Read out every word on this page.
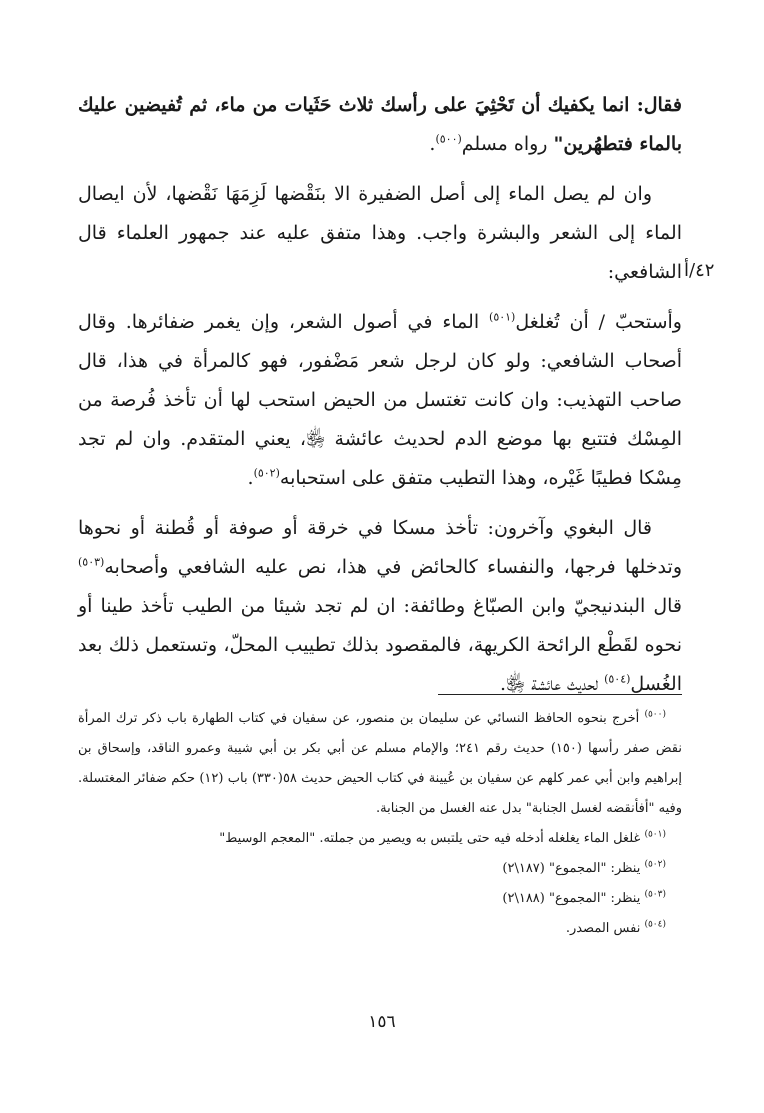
فقال: انما يكفيك أن تَحْثِيَ على رأسك ثلاث حَثَيات من ماء، ثم تُفيضين عليك بالماء فتطهُرين" رواه مسلم$^{(٥٠٠)}$.

وان لم يصل الماء إلى أصل الضفيرة الا بنَقْضها لَزِمَهَا نَقْضها، لأن ايصال الماء إلى الشعر والبشرة واجب. وهذا متفق عليه عند جمهور العلماء قال الشافعي:

وأستحبّ / أن تُغلغل$^{(٥٠١)}$ الماء في أصول الشعر، وإن يغمر ضفائرها. وقال أصحاب الشافعي: ولو كان لرجل شعر مَضْفور، فهو كالمرأة في هذا، قال صاحب التهذيب: وان كانت تغتسل من الحيض استحب لها أن تأخذ فُرصة من المِسْك فتتبع بها موضع الدم لحديث عائشة ﵂، يعني المتقدم. وان لم تجد مِسْكا فطيبًا غَيْره، وهذا التطيب متفق على استحبابه$^{(٥٠٢)}$.

قال البغوي وآخرون: تأخذ مسكا في خرقة أو صوفة أو قُطنة أو نحوها وتدخلها فرجها، والنفساء كالحائض في هذا، نص عليه الشافعي وأصحابه$^{(٥٠٣)}$ قال البندنيجيّ وابن الصبّاغ وطائفة: ان لم تجد شيئا من الطيب تأخذ طينا أو نحوه لقَطْع الرائحة الكريهة، فالمقصود بذلك تطييب المحلّ، وتستعمل ذلك بعد الغُسل$^{(٥٠٤)}$ لحديث عائشة ﵂.

٤٢/أ

$^{(٥٠٠)}$ أخرج بنحوه الحافظ النسائي عن سليمان بن منصور، عن سفيان في كتاب الطهارة باب ذكر ترك المرأة نقض صفر رأسها (١٥٠) حديث رقم ٢٤١؛ والإمام مسلم عن أبي بكر بن أبي شيبة وعمرو الناقد، وإسحاق بن إبراهيم وابن أبي عمر كلهم عن سفيان بن عُيينة في كتاب الحيض حديث ٥٨(٣٣٠) باب (١٢) حكم ضفائر المغتسلة. وفيه "أفأنقضه لغسل الجنابة" بدل عنه الغسل من الجنابة.

$^{(٥٠١)}$ غلغل الماء يغلغله أدخله فيه حتى يلتبس به ويصير من جملته. "المعجم الوسيط"

$^{(٥٠٢)}$ ينظر: "المجموع" (١٨٧\٢)

$^{(٥٠٣)}$ ينظر: "المجموع" (١٨٨\٢)

$^{(٥٠٤)}$ نفس المصدر.

١٥٦
